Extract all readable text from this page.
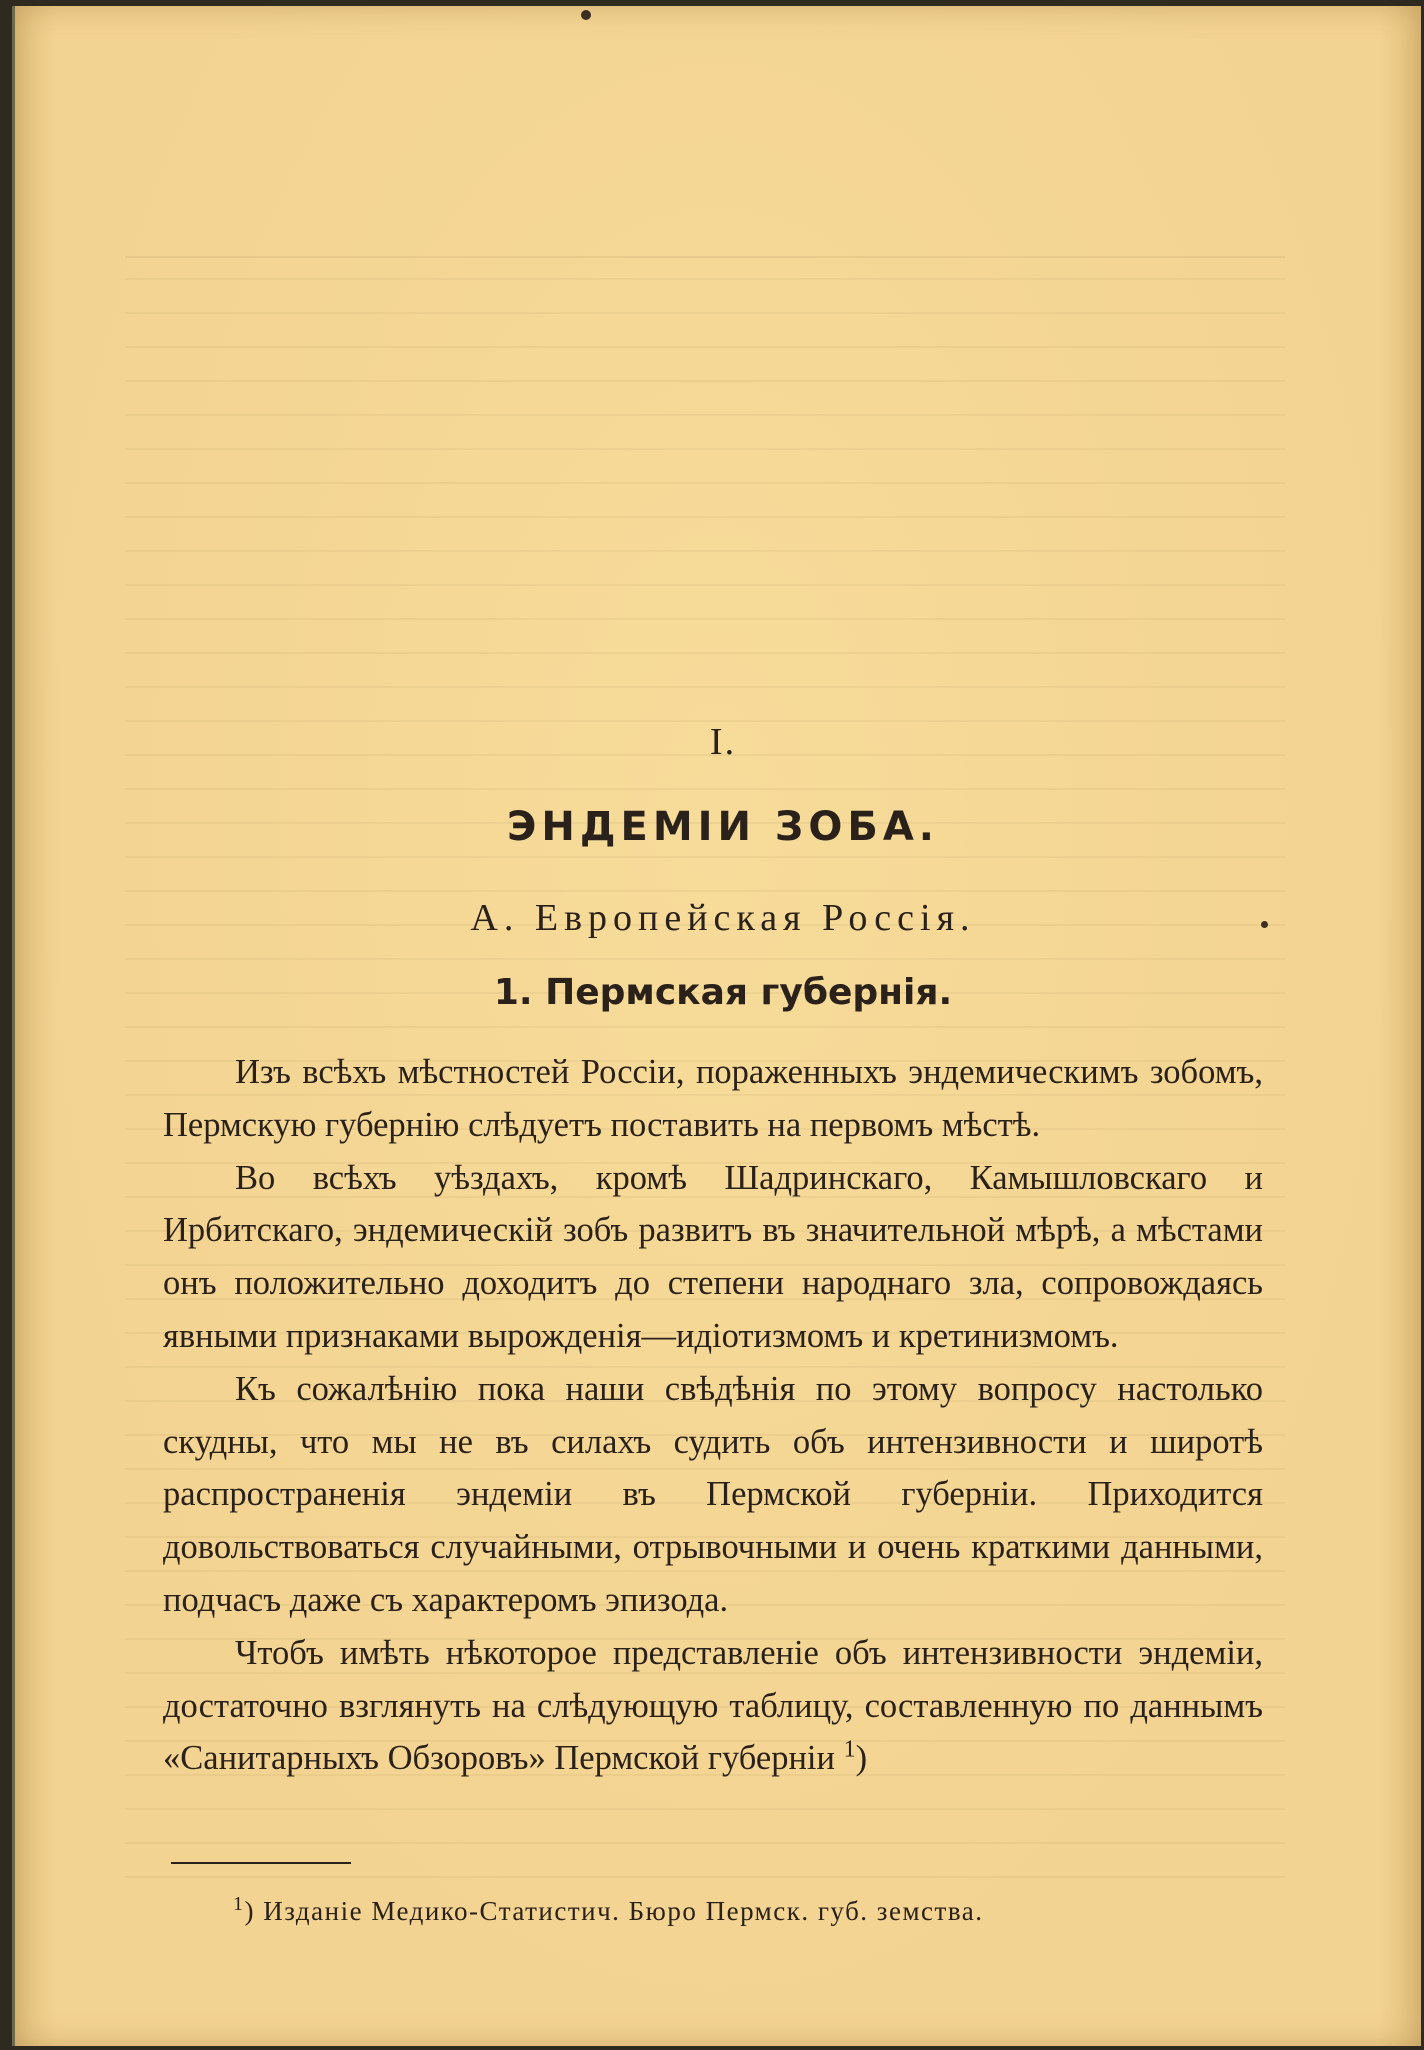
I.
ЭНДЕМIИ ЗОБА.
А. Европейская Россiя.
1. Пермская губернiя.

Изъ всѣхъ мѣстностей Россiи, пораженныхъ эндемическимъ зобомъ, Пермскую губернiю слѣдуетъ поставить на первомъ мѣстѣ.

Во всѣхъ уѣздахъ, кромѣ Шадринскаго, Камышловскаго и Ирбитскаго, эндемическiй зобъ развитъ въ значительной мѣрѣ, а мѣстами онъ положительно доходитъ до степени народнаго зла, сопровождаясь явными признаками вырожденiя—идiотизмомъ и кретинизмомъ.

Къ сожалѣнiю пока наши свѣдѣнiя по этому вопросу настолько скудны, что мы не въ силахъ судить объ интензивности и широтѣ распространенiя эндемiи въ Пермской губернiи. Приходится довольствоваться случайными, отрывочными и очень краткими данными, подчасъ даже съ характеромъ эпизода.

Чтобъ имѣть нѣкоторое представленiе объ интензивности эндемiи, достаточно взглянуть на слѣдующую таблицу, составленную по даннымъ «Санитарныхъ Обзоровъ» Пермской губернiи $^1$)

$^1$) Изданiе Медико-Статистич. Бюро Пермск. губ. земства.
